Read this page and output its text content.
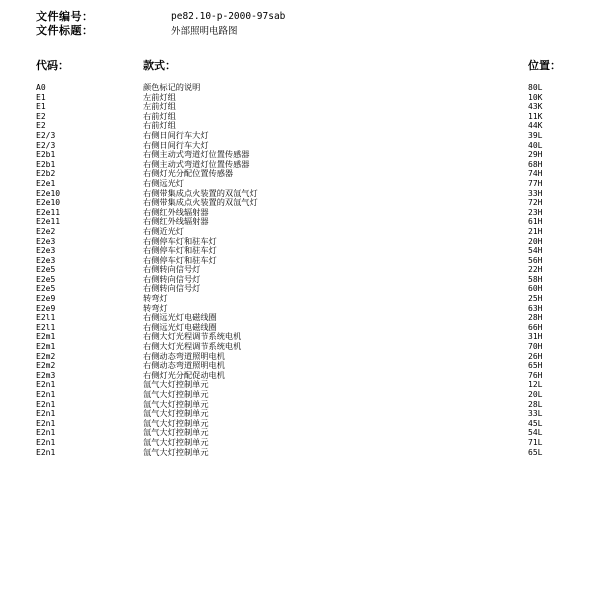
文件编号：	pe82.10-p-2000-97sab
文件标题：	外部照明电路图
代码：	款式：	位置：
A0	颜色标记的说明	80L
E1	左前灯组	10K
E1	左前灯组	43K
E2	右前灯组	11K
E2	右前灯组	44K
E2/3	右侧日间行车大灯	39L
E2/3	右侧日间行车大灯	40L
E2b1	右侧主动式弯道灯位置传感器	29H
E2b1	右侧主动式弯道灯位置传感器	68H
E2b2	右侧灯光分配位置传感器	74H
E2e1	右侧远光灯	77H
E2e10	右侧带集成点火装置的双氙气灯	33H
E2e10	右侧带集成点火装置的双氙气灯	72H
E2e11	右侧红外线辐射器	23H
E2e11	右侧红外线辐射器	61H
E2e2	右侧近光灯	21H
E2e3	右侧停车灯和驻车灯	20H
E2e3	右侧停车灯和驻车灯	54H
E2e3	右侧停车灯和驻车灯	56H
E2e5	右侧转向信号灯	22H
E2e5	右侧转向信号灯	58H
E2e5	右侧转向信号灯	60H
E2e9	转弯灯	25H
E2e9	转弯灯	63H
E2l1	右侧远光灯电磁线圈	28H
E2l1	右侧远光灯电磁线圈	66H
E2m1	右侧大灯光程调节系统电机	31H
E2m1	右侧大灯光程调节系统电机	70H
E2m2	右侧动态弯道照明电机	26H
E2m2	右侧动态弯道照明电机	65H
E2m3	右侧灯光分配促动电机	76H
E2n1	氙气大灯控制单元	12L
E2n1	氙气大灯控制单元	20L
E2n1	氙气大灯控制单元	28L
E2n1	氙气大灯控制单元	33L
E2n1	氙气大灯控制单元	45L
E2n1	氙气大灯控制单元	54L
E2n1	氙气大灯控制单元	71L
E2n1	氙气大灯控制单元	65L
